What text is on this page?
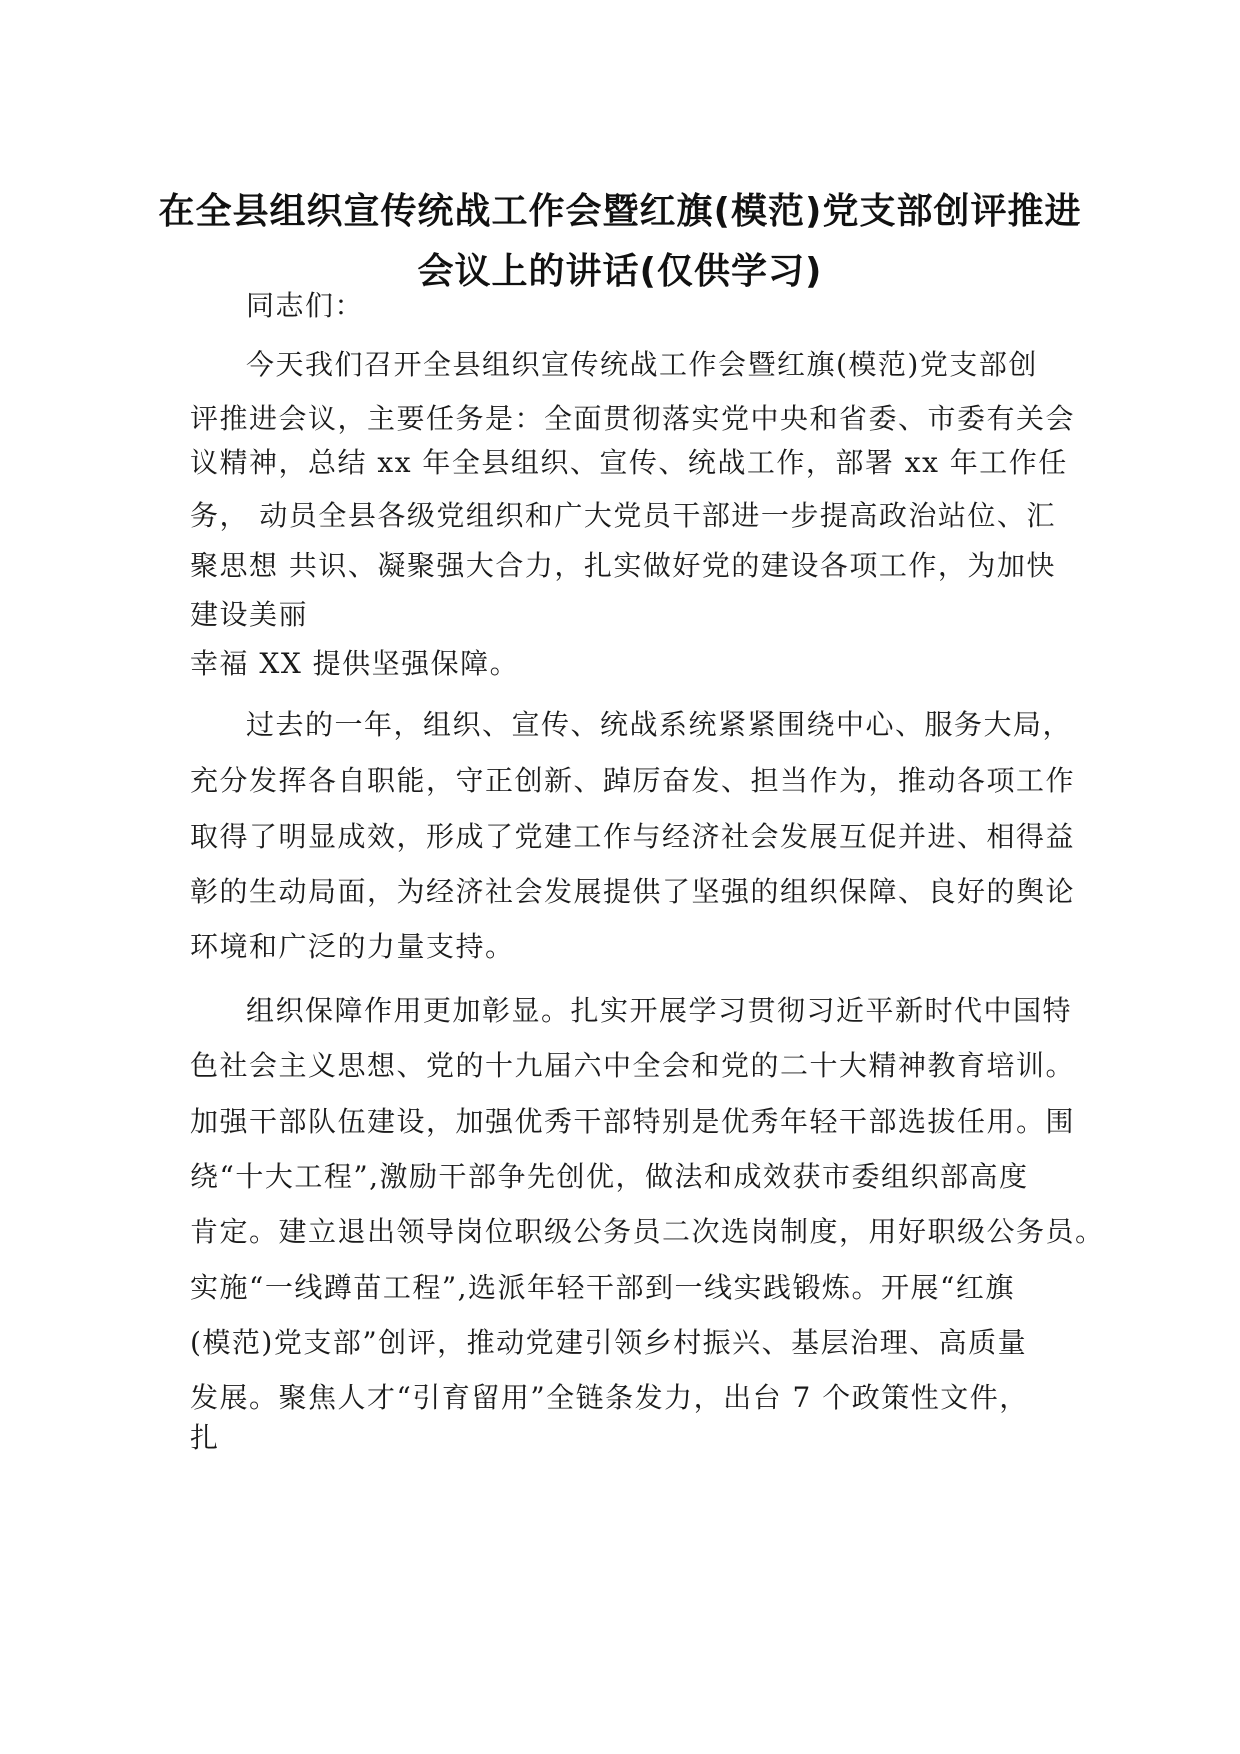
在全县组织宣传统战工作会暨红旗(模范)党支部创评推进
会议上的讲话(仅供学习)
同志们：
今天我们召开全县组织宣传统战工作会暨红旗(模范)党支部创
评推进会议，主要任务是：全面贯彻落实党中央和省委、市委有关会
议精神，总结 xx 年全县组织、宣传、统战工作，部署 xx 年工作任
务， 动员全县各级党组织和广大党员干部进一步提高政治站位、汇
聚思想 共识、凝聚强大合力，扎实做好党的建设各项工作，为加快
建设美丽
幸福 XX 提供坚强保障。
过去的一年，组织、宣传、统战系统紧紧围绕中心、服务大局，
充分发挥各自职能，守正创新、踔厉奋发、担当作为，推动各项工作
取得了明显成效，形成了党建工作与经济社会发展互促并进、相得益
彰的生动局面，为经济社会发展提供了坚强的组织保障、良好的舆论
环境和广泛的力量支持。
组织保障作用更加彰显。扎实开展学习贯彻习近平新时代中国特
色社会主义思想、党的十九届六中全会和党的二十大精神教育培训。
加强干部队伍建设，加强优秀干部特别是优秀年轻干部选拔任用。围
绕“十大工程”,激励干部争先创优，做法和成效获市委组织部高度
肯定。建立退出领导岗位职级公务员二次选岗制度，用好职级公务员。
实施“一线蹲苗工程”,选派年轻干部到一线实践锻炼。开展“红旗
(模范)党支部”创评，推动党建引领乡村振兴、基层治理、高质量
发展。聚焦人才“引育留用”全链条发力，出台 7 个政策性文件，
扎
